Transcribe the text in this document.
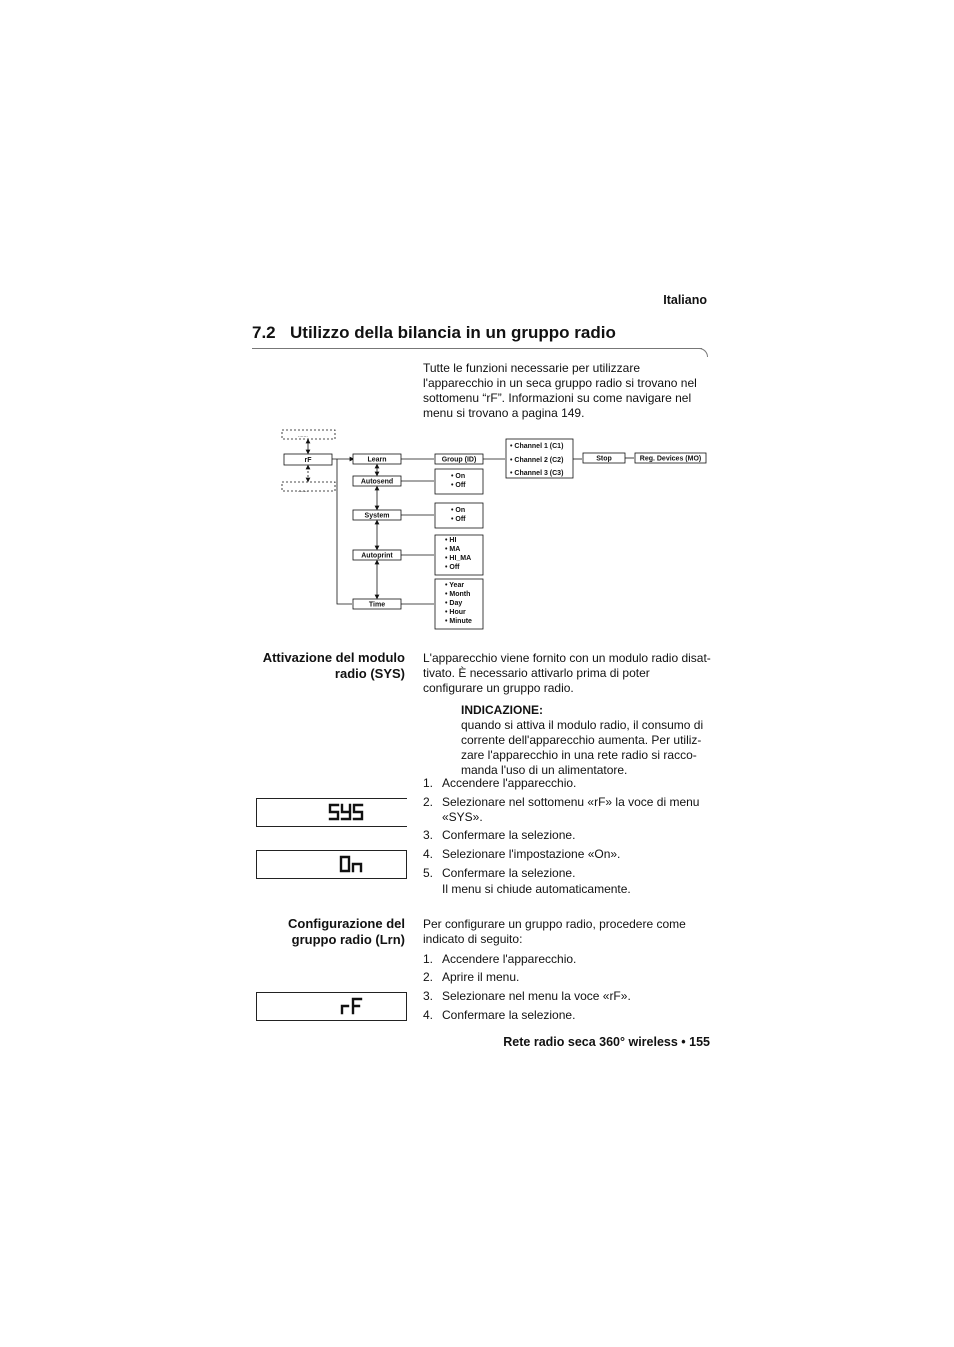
Italiano
7.2 Utilizzo della bilancia in un gruppo radio
Tutte le funzioni necessarie per utilizzare l'apparecchio in un seca gruppo radio si trovano nel sottomenu “rF”. Informazioni su come navigare nel menu si trovano a pagina 149.
.......
rF
.......
Learn
Autosend
System
Autoprint
Time
Group (ID)
• Channel 1 (C1)
• Channel 2 (C2)
• Channel 3 (C3)
Stop	Reg. Devices (MO)
• On
• Off
• On
• Off
• HI
• MA
• HI_MA
• Off
• Year
• Month
• Day
• Hour
• Minute
Attivazione del modulo
radio (SYS)
L'apparecchio viene fornito con un modulo radio disat-tivato. È necessario attivarlo prima di poter configurare un gruppo radio.
INDICAZIONE:
quando si attiva il modulo radio, il consumo di corrente dell'apparecchio aumenta. Per utiliz-zare l'apparecchio in una rete radio si racco-manda l'uso di un alimentatore.
1. Accendere l'apparecchio.
2. Selezionare nel sottomenu «rF» la voce di menu «SYS».
3. Confermare la selezione.
4. Selezionare l'impostazione «On».
5. Confermare la selezione.
Il menu si chiude automaticamente.
Configurazione del
gruppo radio (Lrn)
Per configurare un gruppo radio, procedere come indicato di seguito:
1. Accendere l'apparecchio.
2. Aprire il menu.
3. Selezionare nel menu la voce «rF».
4. Confermare la selezione.
Rete radio seca 360° wireless • 155
